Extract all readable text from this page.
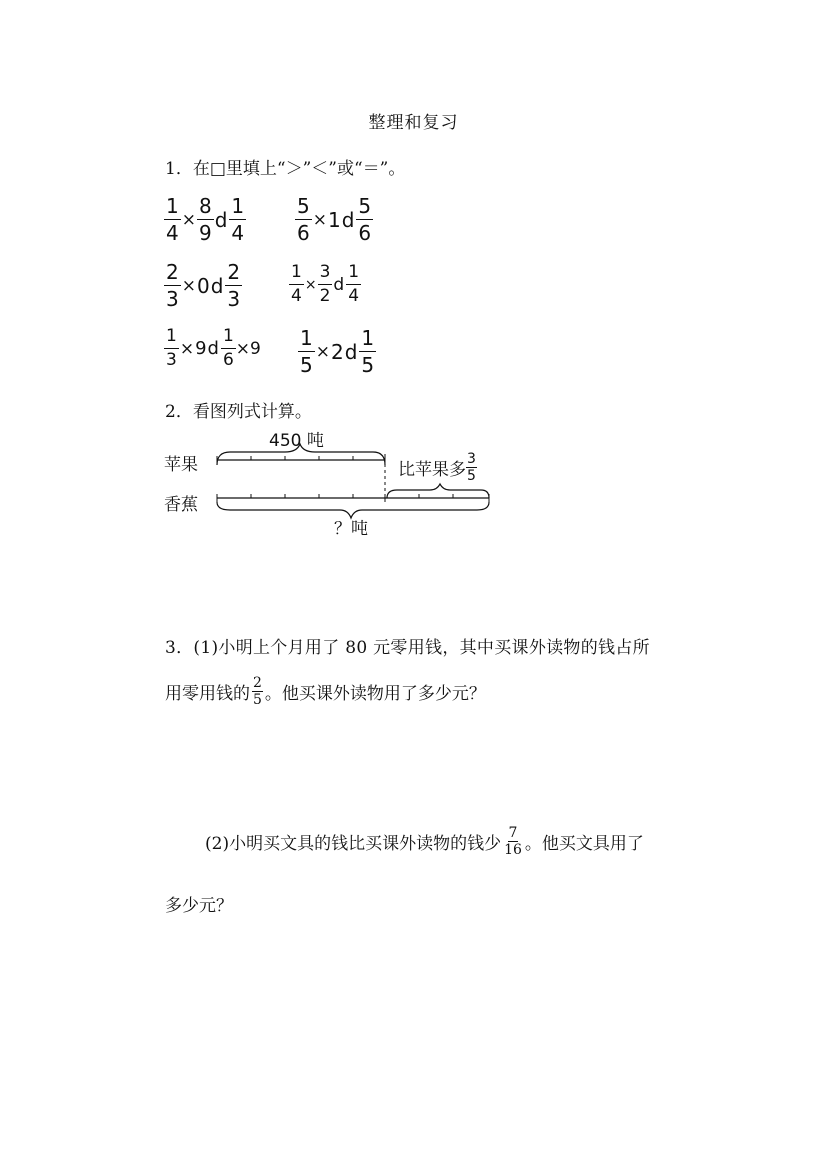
整理和复习
1．在□里填上“＞”＜”或“＝”。
$\frac{1}{4} \times \frac{8}{9}$ d $\frac{1}{4} \frac{5}{6} \times 1$ d $\frac{5}{6}$
$\frac{2}{3} \times 0$ d $\frac{2}{3}$	$\frac{1}{4} \times \frac{3}{2}$ d $\frac{1}{4}$
$\frac{1}{3} \times 9$ d $\frac{1}{6} \times 9 \frac{1}{5} \times 2$ d $\frac{1}{5}$
2．看图列式计算。
苹果
香蕉
450 吨
？吨
比苹果多 $\frac{3}{5}$
3．(1)小明上个月用了 80 元零用钱，其中买课外读物的钱占所
用零用钱的 $\frac{2}{5}$ 。他买课外读物用了多少元？
(2)小明买文具的钱比买课外读物的钱少 $\frac{7}{16}$ 。他买文具用了
多少元？
